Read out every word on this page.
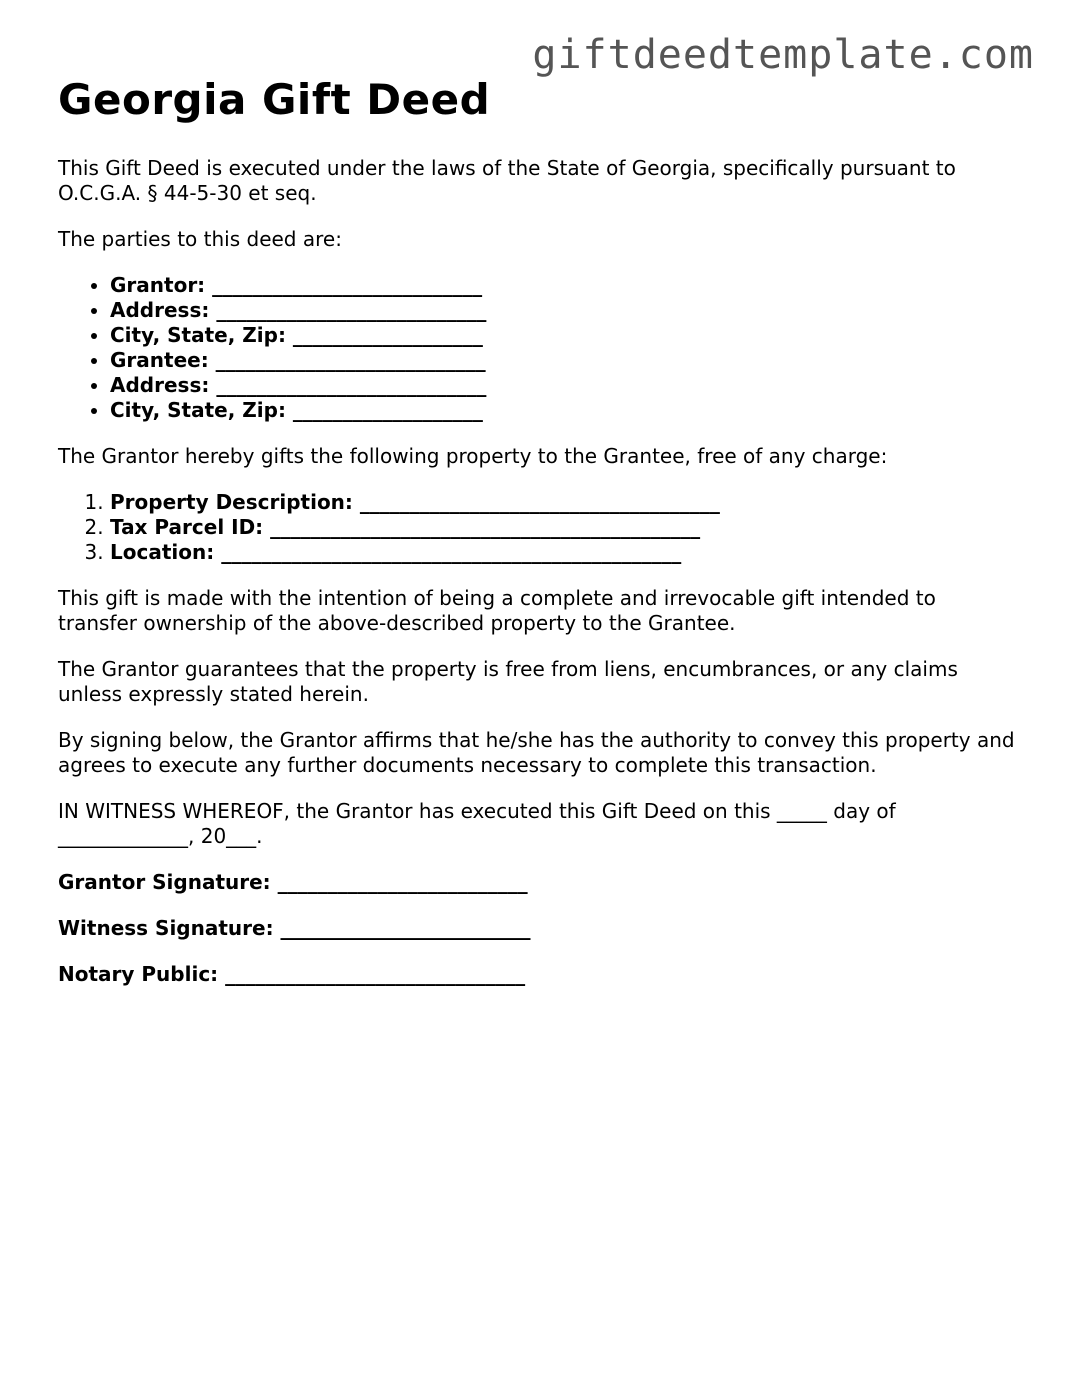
giftdeedtemplate.com
Georgia Gift Deed

This Gift Deed is executed under the laws of the State of Georgia, specifically pursuant to O.C.G.A. § 44-5-30 et seq.

The parties to this deed are:

• Grantor: ___________________________
• Address: ___________________________
• City, State, Zip: ___________________
• Grantee: ___________________________
• Address: ___________________________
• City, State, Zip: ___________________

The Grantor hereby gifts the following property to the Grantee, free of any charge:

1. Property Description: ____________________________________
2. Tax Parcel ID: ___________________________________________
3. Location: ______________________________________________

This gift is made with the intention of being a complete and irrevocable gift intended to transfer ownership of the above-described property to the Grantee.

The Grantor guarantees that the property is free from liens, encumbrances, or any claims unless expressly stated herein.

By signing below, the Grantor affirms that he/she has the authority to convey this property and agrees to execute any further documents necessary to complete this transaction.

IN WITNESS WHEREOF, the Grantor has executed this Gift Deed on this _____ day of _____________, 20___.

Grantor Signature: _________________________
Witness Signature: _________________________
Notary Public: ______________________________
